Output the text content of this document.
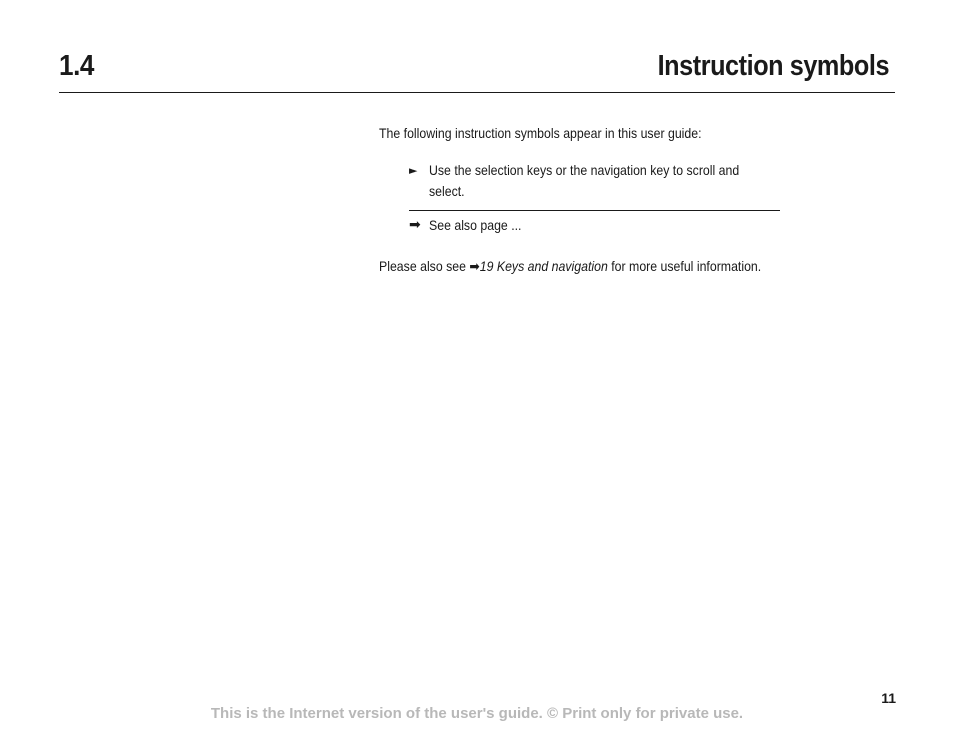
1.4	Instruction symbols
The following instruction symbols appear in this user guide:
► Use the selection keys or the navigation key to scroll and
select.
➡ See also page ...
Please also see ➡19 Keys and navigation for more useful information.
11
This is the Internet version of the user's guide. © Print only for private use.
